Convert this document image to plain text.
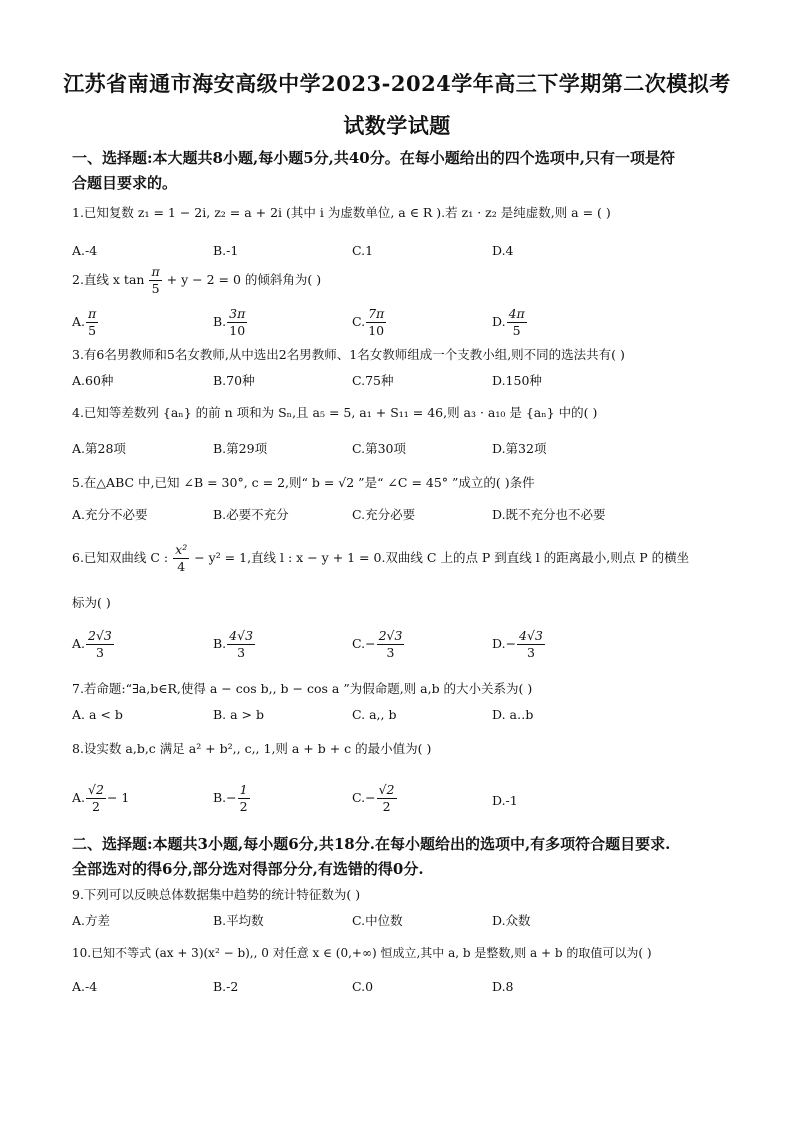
江苏省南通市海安高级中学2023-2024学年高三下学期第二次模拟考
试数学试题
一、选择题:本大题共8小题,每小题5分,共40分。在每小题给出的四个选项中,只有一项是符
合题目要求的。
1.已知复数 z₁ = 1 − 2i, z₂ = a + 2i (其中 i 为虚数单位, a ∈ R ).若 z₁ · z₂ 是纯虚数,则 a = ( )
A.-4	B.-1	C.1	D.4
2.直线 x $\tan \frac{\pi}{5} + y - 2 = 0$ 的倾斜角为( )
A. $\frac{\pi}{5}$	B. $\frac{3\pi}{10}$	C. $\frac{7\pi}{10}$	D. $\frac{4\pi}{5}$
3.有6名男教师和5名女教师,从中选出2名男教师、1名女教师组成一个支教小组,则不同的选法共有( )
A.60种	B.70种	C.75种	D.150种
4.已知等差数列 {aₙ} 的前 n 项和为 Sₙ,且 a₅ = 5, a₁ + S₁₁ = 46,则 a₃ · a₁₀ 是 {aₙ} 中的( )
A.第28项	B.第29项	C.第30项	D.第32项
5.在△ABC 中,已知 ∠B = 30°, c = 2,则“ b = √2 ”是“ ∠C = 45° ”成立的( )条件
A.充分不必要	B.必要不充分	C.充分必要	D.既不充分也不必要
6.已知双曲线 C : $\frac{\text{x²}}{4} - y^2 = 1$,直线 l : x − y + 1 = 0.双曲线 C 上的点 P 到直线 l 的距离最小,则点 P 的横坐
标为( )
A. $\frac{2√3}{3}$	B. $\frac{4√3}{3}$	$C.- \frac{2√3}{3}$	$D.- \frac{4√3}{3}$
7.若命题:“∃a,b∈R,使得 a − cos b,, b − cos a ”为假命题,则 a,b 的大小关系为( )
A. a < b	B. a > b	C. a,, b	D. a‥b
8.设实数 a,b,c 满足 a² + b²,, c,, 1,则 a + b + c 的最小值为( )
A. $\frac{√2}{2} - 1$	$B.- \frac{1}{2}$	$C.- \frac{√2}{2}$	D.-1
二、选择题:本题共3小题,每小题6分,共18分.在每小题给出的选项中,有多项符合题目要求.
全部选对的得6分,部分选对得部分分,有选错的得0分.
9.下列可以反映总体数据集中趋势的统计特征数为( )
A.方差	B.平均数	C.中位数	D.众数
10.已知不等式 (ax + 3)(x² − b),, 0 对任意 x ∈ (0,+∞) 恒成立,其中 a, b 是整数,则 a + b 的取值可以为( )
A.-4	B.-2	C.0	D.8
